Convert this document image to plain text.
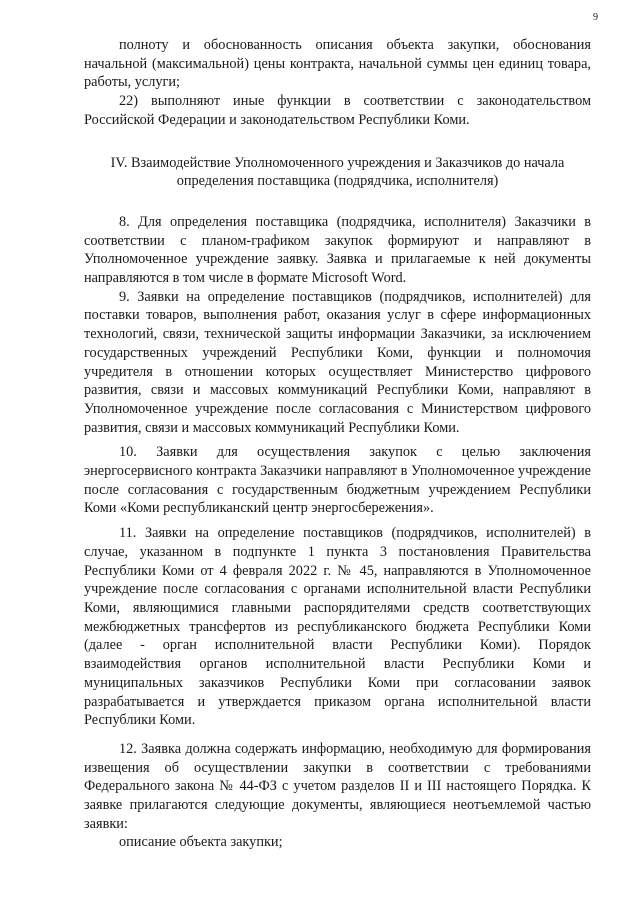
9

полноту и обоснованность описания объекта закупки, обоснования начальной (максимальной) цены контракта, начальной суммы цен единиц товара, работы, услуги;

22) выполняют иные функции в соответствии с законодательством Российской Федерации и законодательством Республики Коми.

IV. Взаимодействие Уполномоченного учреждения и Заказчиков до начала определения поставщика (подрядчика, исполнителя)

8. Для определения поставщика (подрядчика, исполнителя) Заказчики в соответствии с планом-графиком закупок формируют и направляют в Уполномоченное учреждение заявку. Заявка и прилагаемые к ней документы направляются в том числе в формате Microsoft Word.

9. Заявки на определение поставщиков (подрядчиков, исполнителей) для поставки товаров, выполнения работ, оказания услуг в сфере информационных технологий, связи, технической защиты информации Заказчики, за исключением государственных учреждений Республики Коми, функции и полномочия учредителя в отношении которых осуществляет Министерство цифрового развития, связи и массовых коммуникаций Республики Коми, направляют в Уполномоченное учреждение после согласования с Министерством цифрового развития, связи и массовых коммуникаций Республики Коми.

10. Заявки для осуществления закупок с целью заключения энергосервисного контракта Заказчики направляют в Уполномоченное учреждение после согласования с государственным бюджетным учреждением Республики Коми «Коми республиканский центр энергосбережения».

11. Заявки на определение поставщиков (подрядчиков, исполнителей) в случае, указанном в подпункте 1 пункта 3 постановления Правительства Республики Коми от 4 февраля 2022 г. № 45, направляются в Уполномоченное учреждение после согласования с органами исполнительной власти Республики Коми, являющимися главными распорядителями средств соответствующих межбюджетных трансфертов из республиканского бюджета Республики Коми (далее - орган исполнительной власти Республики Коми). Порядок взаимодействия органов исполнительной власти Республики Коми и муниципальных заказчиков Республики Коми при согласовании заявок разрабатывается и утверждается приказом органа исполнительной власти Республики Коми.

12. Заявка должна содержать информацию, необходимую для формирования извещения об осуществлении закупки в соответствии с требованиями Федерального закона № 44-ФЗ с учетом разделов II и III настоящего Порядка. К заявке прилагаются следующие документы, являющиеся неотъемлемой частью заявки:

описание объекта закупки;
